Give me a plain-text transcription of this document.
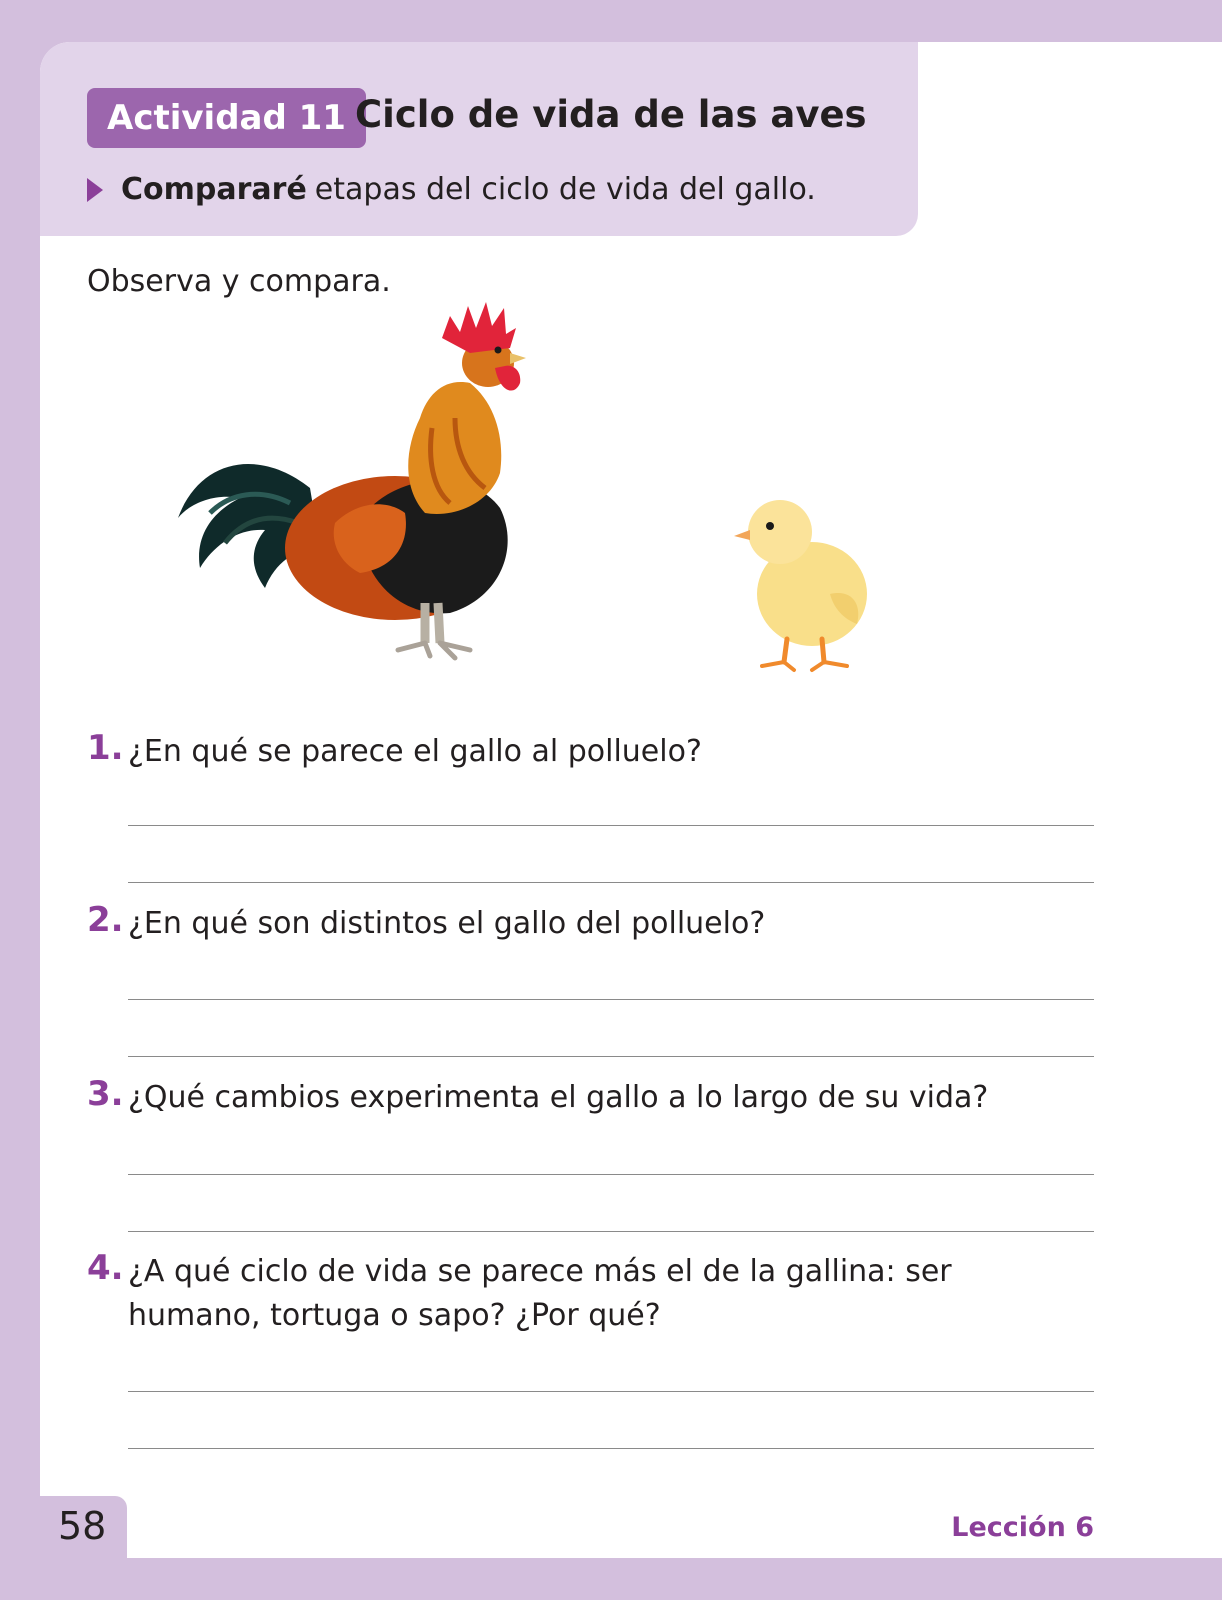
Actividad 11 Ciclo de vida de las aves
Compararé etapas del ciclo de vida del gallo.
Observa y compara.
1. ¿En qué se parece el gallo al polluelo?
2. ¿En qué son distintos el gallo del polluelo?
3. ¿Qué cambios experimenta el gallo a lo largo de su vida?
4. ¿A qué ciclo de vida se parece más el de la gallina: ser humano, tortuga o sapo? ¿Por qué?
58	Lección 6
